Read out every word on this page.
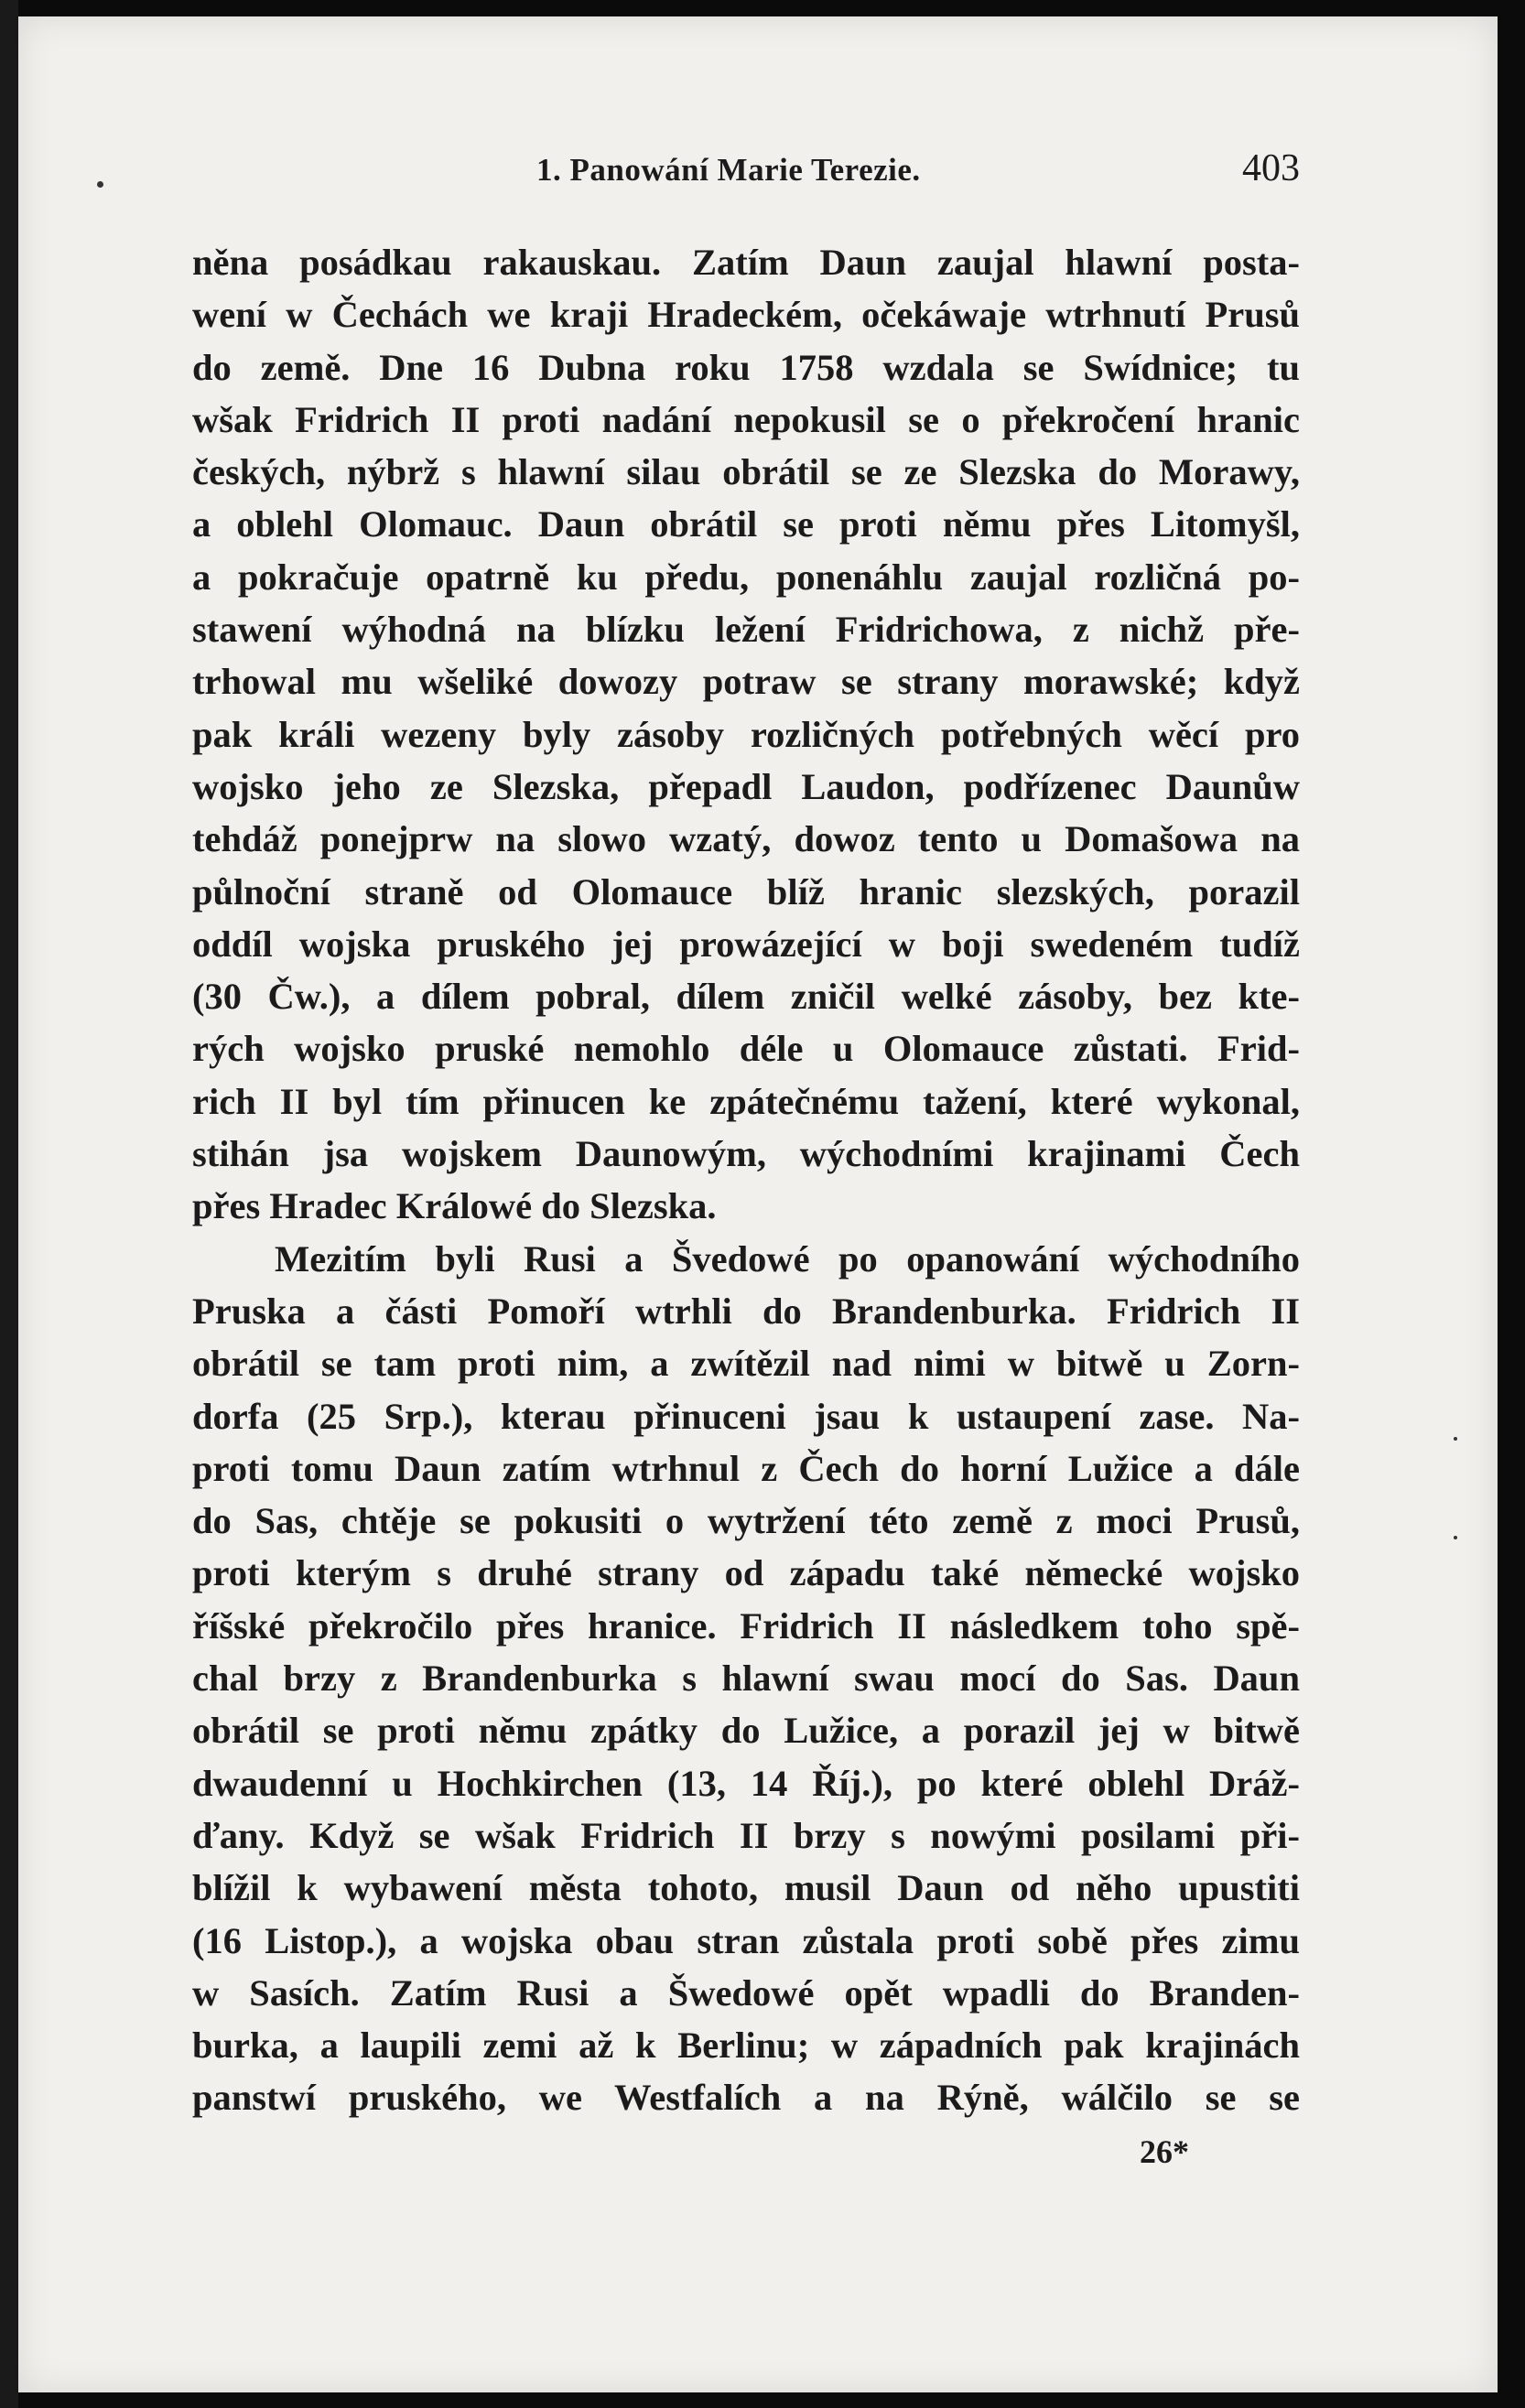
1. Panowání Marie Terezie.	403
něna posádkau rakauskau. Zatím Daun zaujal hlawní posta-
wení w Čechách we kraji Hradeckém, očekáwaje wtrhnutí Prusů
do země. Dne 16 Dubna roku 1758 wzdala se Swídnice; tu
wšak Fridrich II proti nadání nepokusil se o překročení hranic
českých, nýbrž s hlawní silau obrátil se ze Slezska do Morawy,
a oblehl Olomauc. Daun obrátil se proti němu přes Litomyšl,
a pokračuje opatrně ku předu, ponenáhlu zaujal rozličná po-
stawení wýhodná na blízku ležení Fridrichowa, z nichž pře-
trhowal mu wšeliké dowozy potraw se strany morawské; když
pak králi wezeny byly zásoby rozličných potřebných wěcí pro
wojsko jeho ze Slezska, přepadl Laudon, podřízenec Daunůw
tehdáž ponejprw na slowo wzatý, dowoz tento u Domašowa na
půlnoční straně od Olomauce blíž hranic slezských, porazil
oddíl wojska pruského jej prowázející w boji swedeném tudíž
(30 Čw.), a dílem pobral, dílem zničil welké zásoby, bez kte-
rých wojsko pruské nemohlo déle u Olomauce zůstati. Frid-
rich II byl tím přinucen ke zpátečnému tažení, které wykonal,
stihán jsa wojskem Daunowým, wýchodními krajinami Čech
přes Hradec Králowé do Slezska.
Mezitím byli Rusi a Švedowé po opanowání wýchodního
Pruska a části Pomoří wtrhli do Brandenburka. Fridrich II
obrátil se tam proti nim, a zwítězil nad nimi w bitwě u Zorn-
dorfa (25 Srp.), kterau přinuceni jsau k ustaupení zase. Na-
proti tomu Daun zatím wtrhnul z Čech do horní Lužice a dále
do Sas, chtěje se pokusiti o wytržení této země z moci Prusů,
proti kterým s druhé strany od západu také německé wojsko
říšské překročilo přes hranice. Fridrich II následkem toho spě-
chal brzy z Brandenburka s hlawní swau mocí do Sas. Daun
obrátil se proti němu zpátky do Lužice, a porazil jej w bitwě
dwaudenní u Hochkirchen (13, 14 Říj.), po které oblehl Dráž-
ďany. Když se wšak Fridrich II brzy s nowými posilami při-
blížil k wybawení města tohoto, musil Daun od něho upustiti
(16 Listop.), a wojska obau stran zůstala proti sobě přes zimu
w Sasích. Zatím Rusi a Šwedowé opět wpadli do Branden-
burka, a laupili zemi až k Berlinu; w západních pak krajinách
panstwí pruského, we Westfalích a na Rýně, wálčilo se se
26*
